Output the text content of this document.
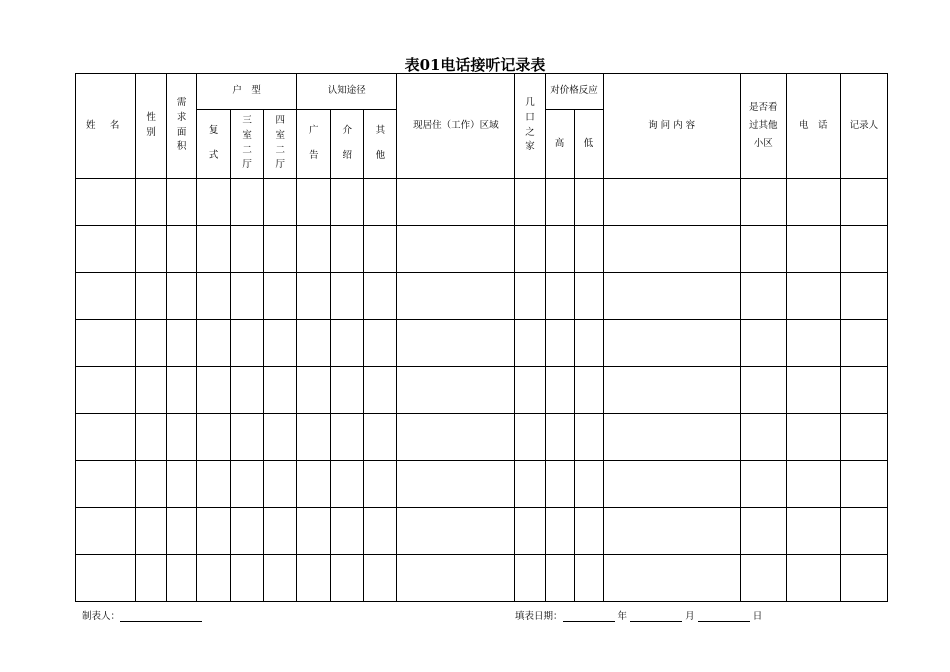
表01电话接听记录表
姓 名	性别	需求面积	户　型			认知途径			现居住（工作）区域	几口之家	对价格反应		询 问 内 容	是否看过其他小区	电　话	记录人
			复式	三室二厅	四室二厅	广告	介绍	其他			高	低				

制表人：	填表日期：	年	月	日
